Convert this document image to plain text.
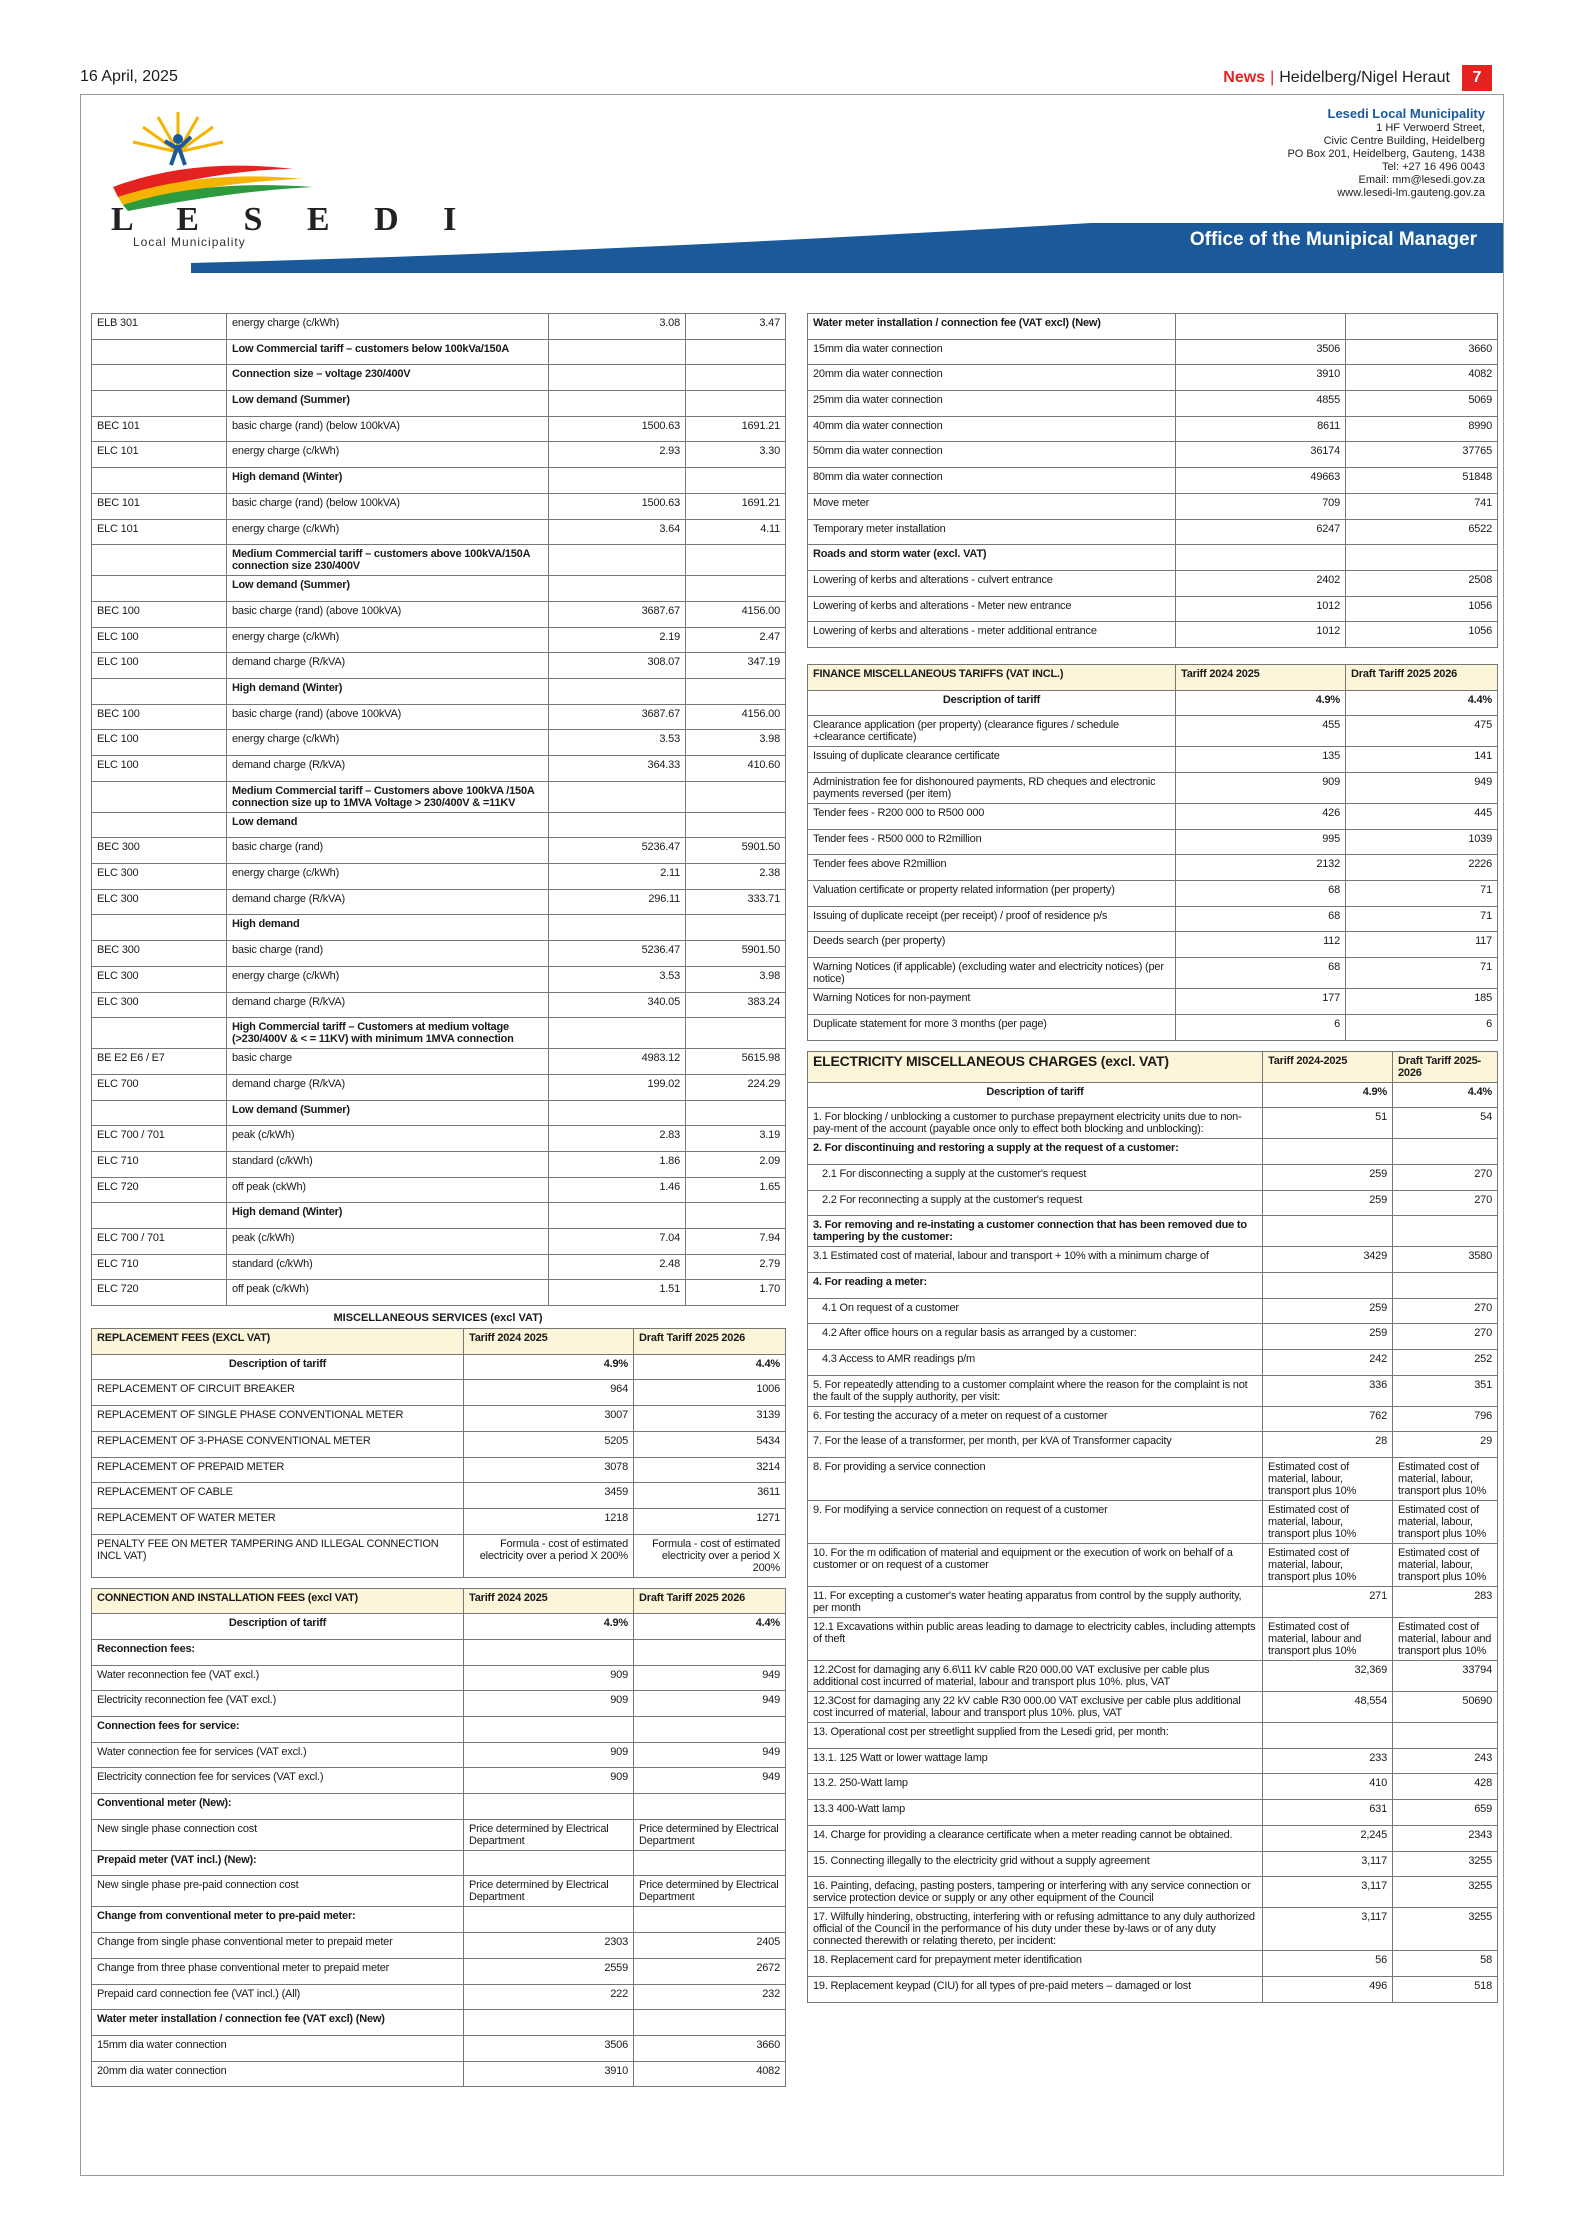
16 April, 2025	News | Heidelberg/Nigel Heraut	7
L E S E D I
Local Municipality
Lesedi Local Municipality
1 HF Verwoerd Street,
Civic Centre Building, Heidelberg
PO Box 201, Heidelberg, Gauteng, 1438
Tel: +27 16 496 0043
Email: mm@lesedi.gov.za
www.lesedi-lm.gauteng.gov.za
Office of the Munipical Manager
ELB 301	energy charge (c/kWh)	3.08	3.47
	Low Commercial tariff – customers below 100kVa/150A		
	Connection size – voltage 230/400V		
	Low demand (Summer)		
BEC 101	basic charge (rand) (below 100kVA)	1500.63	1691.21
ELC 101	energy charge (c/kWh)	2.93	3.30
	High demand (Winter)		
BEC 101	basic charge (rand) (below 100kVA)	1500.63	1691.21
ELC 101	energy charge (c/kWh)	3.64	4.11
	Medium Commercial tariff – customers above 100kVA/150A connection size 230/400V		
	Low demand (Summer)		
BEC 100	basic charge (rand) (above 100kVA)	3687.67	4156.00
ELC 100	energy charge (c/kWh)	2.19	2.47
ELC 100	demand charge (R/kVA)	308.07	347.19
	High demand (Winter)		
BEC 100	basic charge (rand) (above 100kVA)	3687.67	4156.00
ELC 100	energy charge (c/kWh)	3.53	3.98
ELC 100	demand charge (R/kVA)	364.33	410.60
	Medium Commercial tariff – Customers above 100kVA /150A connection size up to 1MVA Voltage > 230/400V & =11KV		
	Low demand		
BEC 300	basic charge (rand)	5236.47	5901.50
ELC 300	energy charge (c/kWh)	2.11	2.38
ELC 300	demand charge (R/kVA)	296.11	333.71
	High demand		
BEC 300	basic charge (rand)	5236.47	5901.50
ELC 300	energy charge (c/kWh)	3.53	3.98
ELC 300	demand charge (R/kVA)	340.05	383.24
	High Commercial tariff – Customers at medium voltage (>230/400V & < = 11KV) with minimum 1MVA connection		
BE E2 E6 / E7	basic charge	4983.12	5615.98
ELC 700	demand charge (R/kVA)	199.02	224.29
	Low demand (Summer)		
ELC 700 / 701	peak (c/kWh)	2.83	3.19
ELC 710	standard (c/kWh)	1.86	2.09
ELC 720	off peak (ckWh)	1.46	1.65
	High demand (Winter)		
ELC 700 / 701	peak (c/kWh)	7.04	7.94
ELC 710	standard (c/kWh)	2.48	2.79
ELC 720	off peak (c/kWh)	1.51	1.70
MISCELLANEOUS SERVICES (excl VAT)
REPLACEMENT FEES (EXCL VAT)	Tariff 2024 2025	Draft Tariff 2025 2026
Description of tariff	4.9%	4.4%
REPLACEMENT OF CIRCUIT BREAKER	964	1006
REPLACEMENT OF SINGLE PHASE CONVENTIONAL METER	3007	3139
REPLACEMENT OF 3-PHASE CONVENTIONAL METER	5205	5434
REPLACEMENT OF PREPAID METER	3078	3214
REPLACEMENT OF CABLE	3459	3611
REPLACEMENT OF WATER METER	1218	1271
PENALTY FEE ON METER TAMPERING AND ILLEGAL CONNECTION INCL VAT)	Formula - cost of estimated electricity over a period X 200%	Formula - cost of estimated electricity over a period X 200%
CONNECTION AND INSTALLATION FEES (excl VAT)	Tariff 2024 2025	Draft Tariff 2025 2026
Description of tariff	4.9%	4.4%
Reconnection fees:		
Water reconnection fee (VAT excl.)	909	949
Electricity reconnection fee (VAT excl.)	909	949
Connection fees for service:		
Water connection fee for services (VAT excl.)	909	949
Electricity connection fee for services (VAT excl.)	909	949
Conventional meter (New):		
New single phase connection cost	Price determined by Electrical Department	Price determined by Electrical Department
Prepaid meter (VAT incl.) (New):		
New single phase pre-paid connection cost	Price determined by Electrical Department	Price determined by Electrical Department
Change from conventional meter to pre-paid meter:		
Change from single phase conventional meter to prepaid meter	2303	2405
Change from three phase conventional meter to prepaid meter	2559	2672
Prepaid card connection fee (VAT incl.) (All)	222	232
Water meter installation / connection fee (VAT excl) (New)		
15mm dia water connection	3506	3660
20mm dia water connection	3910	4082
Water meter installation / connection fee (VAT excl) (New)		
15mm dia water connection	3506	3660
20mm dia water connection	3910	4082
25mm dia water connection	4855	5069
40mm dia water connection	8611	8990
50mm dia water connection	36174	37765
80mm dia water connection	49663	51848
Move meter	709	741
Temporary meter installation	6247	6522
Roads and storm water (excl. VAT)		
Lowering of kerbs and alterations - culvert entrance	2402	2508
Lowering of kerbs and alterations - Meter new entrance	1012	1056
Lowering of kerbs and alterations - meter additional entrance	1012	1056
FINANCE MISCELLANEOUS TARIFFS (VAT INCL.)	Tariff 2024 2025	Draft Tariff 2025 2026
Description of tariff	4.9%	4.4%
Clearance application (per property) (clearance figures / schedule +clearance certificate)	455	475
Issuing of duplicate clearance certificate	135	141
Administration fee for dishonoured payments, RD cheques and electronic payments reversed (per item)	909	949
Tender fees - R200 000 to R500 000	426	445
Tender fees - R500 000 to R2million	995	1039
Tender fees above R2million	2132	2226
Valuation certificate or property related information (per property)	68	71
Issuing of duplicate receipt (per receipt) / proof of residence p/s	68	71
Deeds search (per property)	112	117
Warning Notices (if applicable) (excluding water and electricity notices) (per notice)	68	71
Warning Notices for non-payment	177	185
Duplicate statement for more 3 months (per page)	6	6
ELECTRICITY MISCELLANEOUS CHARGES (excl. VAT)	Tariff 2024-2025	Draft Tariff 2025-2026
Description of tariff	4.9%	4.4%
1. For blocking / unblocking a customer to purchase prepayment electricity units due to non-pay-ment of the account (payable once only to effect both blocking and unblocking):	51	54
2. For discontinuing and restoring a supply at the request of a customer:		
2.1 For disconnecting a supply at the customer's request	259	270
2.2 For reconnecting a supply at the customer's request	259	270
3. For removing and re-instating a customer connection that has been removed due to tampering by the customer:		
3.1 Estimated cost of material, labour and transport + 10% with a minimum charge of	3429	3580
4. For reading a meter:		
4.1 On request of a customer	259	270
4.2 After office hours on a regular basis as arranged by a customer:	259	270
4.3 Access to AMR readings p/m	242	252
5. For repeatedly attending to a customer complaint where the reason for the complaint is not the fault of the supply authority, per visit:	336	351
6. For testing the accuracy of a meter on request of a customer	762	796
7. For the lease of a transformer, per month, per kVA of Transformer capacity	28	29
8. For providing a service connection	Estimated cost of material, labour, transport plus 10%	Estimated cost of material, labour, transport plus 10%
9. For modifying a service connection on request of a customer	Estimated cost of material, labour, transport plus 10%	Estimated cost of material, labour, transport plus 10%
10. For the m odification of material and equipment or the execution of work on behalf of a customer or on request of a customer	Estimated cost of material, labour, transport plus 10%	Estimated cost of material, labour, transport plus 10%
11. For excepting a customer's water heating apparatus from control by the supply authority, per month	271	283
12.1 Excavations within public areas leading to damage to electricity cables, including attempts of theft	Estimated cost of material, labour and transport plus 10%	Estimated cost of material, labour and transport plus 10%
12.2Cost for damaging any 6.6\11 kV cable R20 000.00 VAT exclusive per cable plus additional cost incurred of material, labour and transport plus 10%. plus, VAT	32,369	33794
12.3Cost for damaging any 22 kV cable R30 000.00 VAT exclusive per cable plus additional cost incurred of material, labour and transport plus 10%. plus, VAT	48,554	50690
13. Operational cost per streetlight supplied from the Lesedi grid, per month:		
13.1. 125 Watt or lower wattage lamp	233	243
13.2. 250-Watt lamp	410	428
13.3 400-Watt lamp	631	659
14. Charge for providing a clearance certificate when a meter reading cannot be obtained.	2,245	2343
15. Connecting illegally to the electricity grid without a supply agreement	3,117	3255
16. Painting, defacing, pasting posters, tampering or interfering with any service connection or service protection device or supply or any other equipment of the Council	3,117	3255
17. Wilfully hindering, obstructing, interfering with or refusing admittance to any duly authorized official of the Council in the performance of his duty under these by-laws or of any duty connected therewith or relating thereto, per incident:	3,117	3255
18. Replacement card for prepayment meter identification	56	58
19. Replacement keypad (CIU) for all types of pre-paid meters – damaged or lost	496	518
